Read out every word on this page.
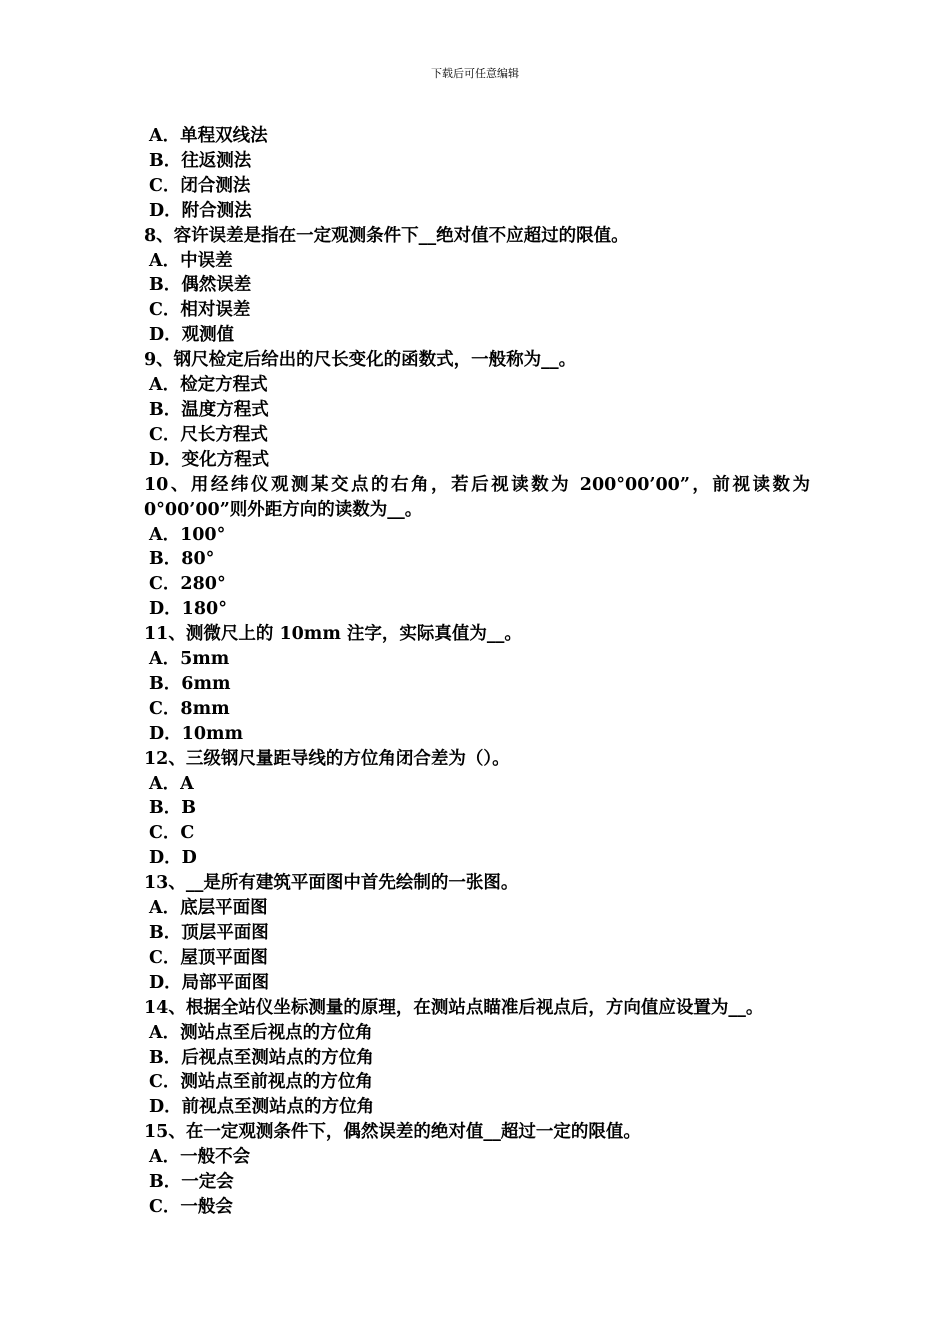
下载后可任意编辑

A．单程双线法

B．往返测法

C．闭合测法

D．附合测法

8、容许误差是指在一定观测条件下__绝对值不应超过的限值。

A．中误差

B．偶然误差

C．相对误差

D．观测值

9、钢尺检定后给出的尺长变化的函数式，一般称为__。

A．检定方程式

B．温度方程式

C．尺长方程式

D．变化方程式

10、用经纬仪观测某交点的右角，若后视读数为 200°00’00”，前视读数为 0°00’00”则外距方向的读数为__。

A．100°

B．80°

C．280°

D．180°

11、测微尺上的 10mm 注字，实际真值为__。

A．5mm

B．6mm

C．8mm

D．10mm

12、三级钢尺量距导线的方位角闭合差为（）。

A．A

B．B

C．C

D．D

13、__是所有建筑平面图中首先绘制的一张图。

A．底层平面图

B．顶层平面图

C．屋顶平面图

D．局部平面图

14、根据全站仪坐标测量的原理，在测站点瞄准后视点后，方向值应设置为__。

A．测站点至后视点的方位角

B．后视点至测站点的方位角

C．测站点至前视点的方位角

D．前视点至测站点的方位角

15、在一定观测条件下，偶然误差的绝对值__超过一定的限值。

A．一般不会

B．一定会

C．一般会
